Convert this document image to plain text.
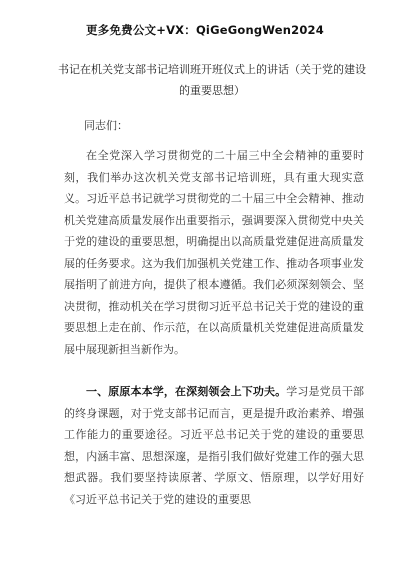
更多免费公文+VX：QiGeGongWen2024
书记在机关党支部书记培训班开班仪式上的讲话（关于党的建设的重要思想）
同志们：

在全党深入学习贯彻党的二十届三中全会精神的重要时刻，我们举办这次机关党支部书记培训班，具有重大现实意义。习近平总书记就学习贯彻党的二十届三中全会精神、推动机关党建高质量发展作出重要指示，强调要深入贯彻党中央关于党的建设的重要思想，明确提出以高质量党建促进高质量发展的任务要求。这为我们加强机关党建工作、推动各项事业发展指明了前进方向，提供了根本遵循。我们必须深刻领会、坚决贯彻，推动机关在学习贯彻习近平总书记关于党的建设的重要思想上走在前、作示范，在以高质量机关党建促进高质量发展中展现新担当新作为。

一、原原本本学，在深刻领会上下功夫。学习是党员干部的终身课题，对于党支部书记而言，更是提升政治素养、增强工作能力的重要途径。习近平总书记关于党的建设的重要思想，内涵丰富、思想深邃，是指引我们做好党建工作的强大思想武器。我们要坚持读原著、学原文、悟原理，以学好用好《习近平总书记关于党的建设的重要思
